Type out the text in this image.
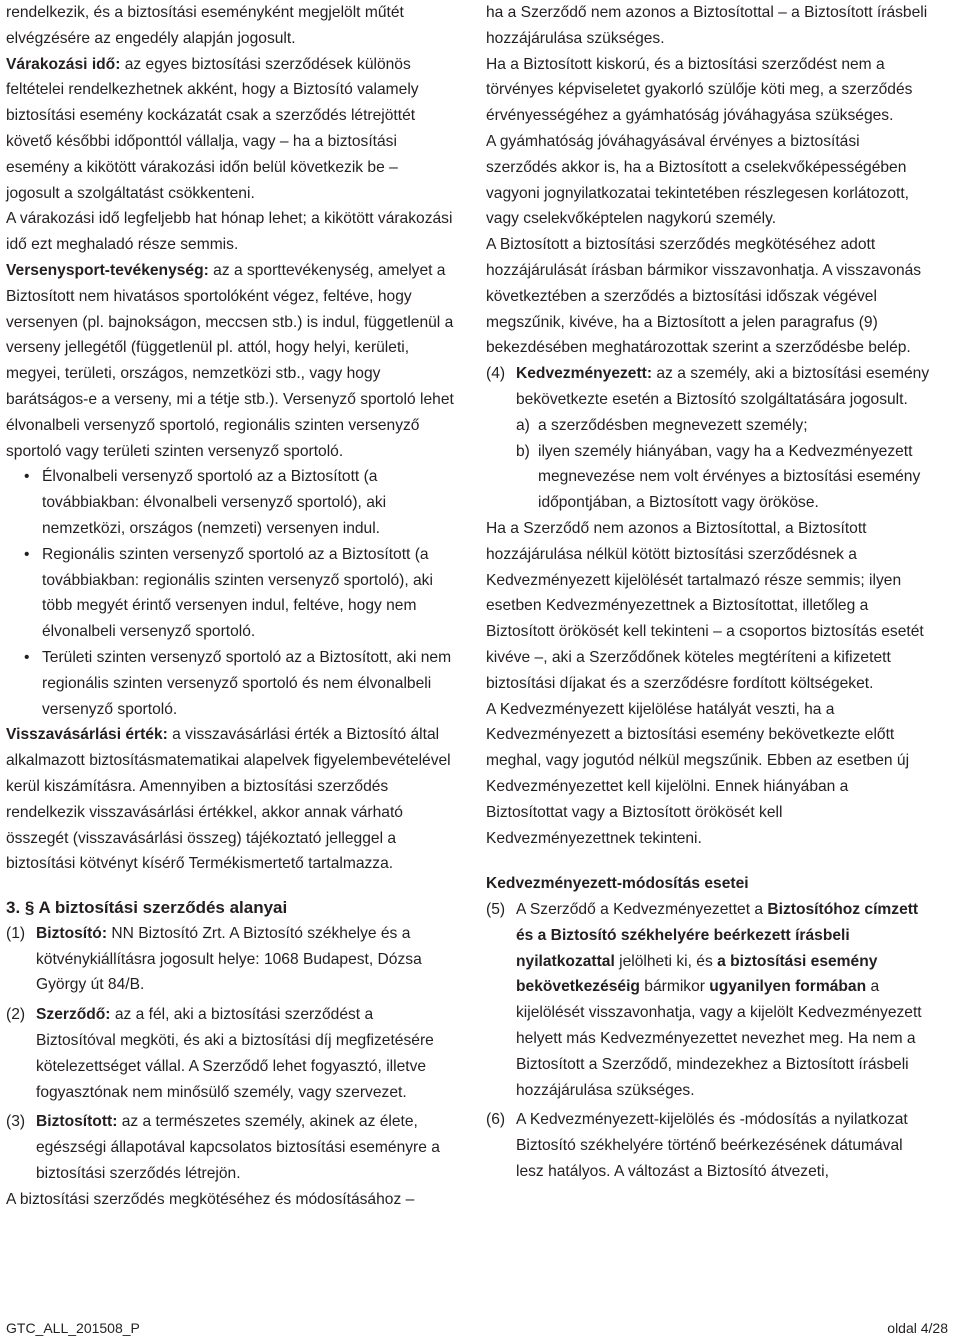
rendelkezik, és a biztosítási eseményként megjelölt műtét elvégzésére az engedély alapján jogosult.

Várakozási idő: az egyes biztosítási szerződések különös feltételei rendelkezhetnek akként, hogy a Biztosító valamely biztosítási esemény kockázatát csak a szerződés létrejöttét követő későbbi időponttól vállalja, vagy – ha a biztosítási esemény a kikötött várakozási időn belül következik be – jogosult a szolgáltatást csökkenteni.

A várakozási idő legfeljebb hat hónap lehet; a kikötött várakozási idő ezt meghaladó része semmis.

Versenysport-tevékenység: az a sporttevékenység, amelyet a Biztosított nem hivatásos sportolóként végez, feltéve, hogy versenyen (pl. bajnokságon, meccsen stb.) is indul, függetlenül a verseny jellegétől (függetlenül pl. attól, hogy helyi, kerületi, megyei, területi, országos, nemzetközi stb., vagy hogy barátságos-e a verseny, mi a tétje stb.). Versenyző sportoló lehet élvonalbeli versenyző sportoló, regionális szinten versenyző sportoló vagy területi szinten versenyző sportoló.

• Élvonalbeli versenyző sportoló az a Biztosított (a továbbiakban: élvonalbeli versenyző sportoló), aki nemzetközi, országos (nemzeti) versenyen indul.
• Regionális szinten versenyző sportoló az a Biztosított (a továbbiakban: regionális szinten versenyző sportoló), aki több megyét érintő versenyen indul, feltéve, hogy nem élvonalbeli versenyző sportoló.
• Területi szinten versenyző sportoló az a Biztosított, aki nem regionális szinten versenyző sportoló és nem élvonalbeli versenyző sportoló.

Visszavásárlási érték: a visszavásárlási érték a Biztosító által alkalmazott biztosításmatematikai alapelvek figyelembevételével kerül kiszámításra. Amennyiben a biztosítási szerződés rendelkezik visszavásárlási értékkel, akkor annak várható összegét (visszavásárlási összeg) tájékoztató jelleggel a biztosítási kötvényt kísérő Termékismertető tartalmazza.

3. § A biztosítási szerződés alanyai

(1) Biztosító: NN Biztosító Zrt. A Biztosító székhelye és a kötvénykiállításra jogosult helye: 1068 Budapest, Dózsa György út 84/B.
(2) Szerződő: az a fél, aki a biztosítási szerződést a Biztosítóval megköti, és aki a biztosítási díj megfizetésére kötelezettséget vállal. A Szerződő lehet fogyasztó, illetve fogyasztónak nem minősülő személy, vagy szervezet.
(3) Biztosított: az a természetes személy, akinek az élete, egészségi állapotával kapcsolatos biztosítási eseményre a biztosítási szerződés létrejön.

A biztosítási szerződés megkötéséhez és módosításához –

ha a Szerződő nem azonos a Biztosítottal – a Biztosított írásbeli hozzájárulása szükséges.

Ha a Biztosított kiskorú, és a biztosítási szerződést nem a törvényes képviseletet gyakorló szülője köti meg, a szerződés érvényességéhez a gyámhatóság jóváhagyása szükséges.

A gyámhatóság jóváhagyásával érvényes a biztosítási szerződés akkor is, ha a Biztosított a cselekvőképességében vagyoni jognyilatkozatai tekintetében részlegesen korlátozott, vagy cselekvőképtelen nagykorú személy.

A Biztosított a biztosítási szerződés megkötéséhez adott hozzájárulását írásban bármikor visszavonhatja. A visszavonás következtében a szerződés a biztosítási időszak végével megszűnik, kivéve, ha a Biztosított a jelen paragrafus (9) bekezdésében meghatározottak szerint a szerződésbe belép.

(4) Kedvezményezett: az a személy, aki a biztosítási esemény bekövetkezte esetén a Biztosító szolgáltatására jogosult.
a) a szerződésben megnevezett személy;
b) ilyen személy hiányában, vagy ha a Kedvezményezett megnevezése nem volt érvényes a biztosítási esemény időpontjában, a Biztosított vagy örököse.

Ha a Szerződő nem azonos a Biztosítottal, a Biztosított hozzájárulása nélkül kötött biztosítási szerződésnek a Kedvezményezett kijelölését tartalmazó része semmis; ilyen esetben Kedvezményezettnek a Biztosítottat, illetőleg a Biztosított örökösét kell tekinteni – a csoportos biztosítás esetét kivéve –, aki a Szerződőnek köteles megtéríteni a kifizetett biztosítási díjakat és a szerződésre fordított költségeket.

A Kedvezményezett kijelölése hatályát veszti, ha a Kedvezményezett a biztosítási esemény bekövetkezte előtt meghal, vagy jogutód nélkül megszűnik. Ebben az esetben új Kedvezményezettet kell kijelölni. Ennek hiányában a Biztosítottat vagy a Biztosított örökösét kell Kedvezményezettnek tekinteni.

Kedvezményezett-módosítás esetei

(5) A Szerződő a Kedvezményezettet a Biztosítóhoz címzett és a Biztosító székhelyére beérkezett írásbeli nyilatkozattal jelölheti ki, és a biztosítási esemény bekövetkezéséig bármikor ugyanilyen formában a kijelölését visszavonhatja, vagy a kijelölt Kedvezményezett helyett más Kedvezményezettet nevezhet meg. Ha nem a Biztosított a Szerződő, mindezekhez a Biztosított írásbeli hozzájárulása szükséges.
(6) A Kedvezményezett-kijelölés és -módosítás a nyilatkozat Biztosító székhelyére történő beérkezésének dátumával lesz hatályos. A változást a Biztosító átvezeti,
GTC_ALL_201508_P	oldal 4/28
